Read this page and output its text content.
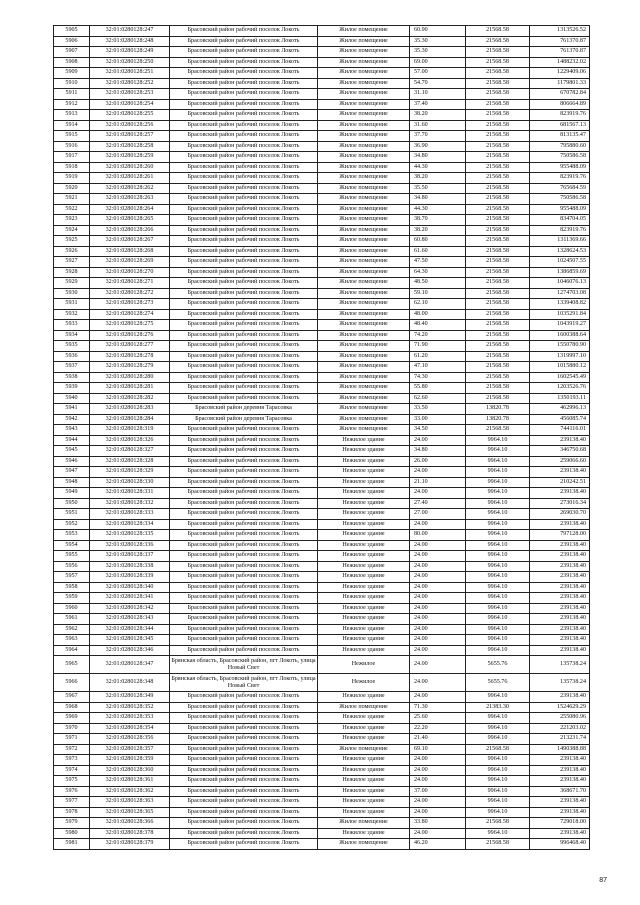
5905	32:01:0280128:247	Брасовский район рабочий поселок Локоть	Жилое помещение	60.90	21568.58	1313526.52
5906	32:01:0280128:248	Брасовский район рабочий поселок Локоть	Жилое помещение	35.30	21568.58	761370.87
5907	32:01:0280128:249	Брасовский район рабочий поселок Локоть	Жилое помещение	35.30	21568.58	761370.87
5908	32:01:0280128:250	Брасовский район рабочий поселок Локоть	Жилое помещение	69.00	21568.58	1488232.02
5909	32:01:0280128:251	Брасовский район рабочий поселок Локоть	Жилое помещение	57.00	21568.58	1229409.06
5910	32:01:0280128:252	Брасовский район рабочий поселок Локоть	Жилое помещение	54.70	21568.58	1179801.33
5911	32:01:0280128:253	Брасовский район рабочий поселок Локоть	Жилое помещение	31.10	21568.58	670782.84
5912	32:01:0280128:254	Брасовский район рабочий поселок Локоть	Жилое помещение	37.40	21568.58	806664.89
5913	32:01:0280128:255	Брасовский район рабочий поселок Локоть	Жилое помещение	38.20	21568.58	823919.76
5914	32:01:0280128:256	Брасовский район рабочий поселок Локоть	Жилое помещение	31.60	21568.58	681567.13
5915	32:01:0280128:257	Брасовский район рабочий поселок Локоть	Жилое помещение	37.70	21568.58	813135.47
5916	32:01:0280128:258	Брасовский район рабочий поселок Локоть	Жилое помещение	36.90	21568.58	795880.60
5917	32:01:0280128:259	Брасовский район рабочий поселок Локоть	Жилое помещение	34.80	21568.58	750586.58
5918	32:01:0280128:260	Брасовский район рабочий поселок Локоть	Жилое помещение	44.30	21568.58	955488.09
5919	32:01:0280128:261	Брасовский район рабочий поселок Локоть	Жилое помещение	38.20	21568.58	823919.76
5920	32:01:0280128:262	Брасовский район рабочий поселок Локоть	Жилое помещение	35.50	21568.58	765684.59
5921	32:01:0280128:263	Брасовский район рабочий поселок Локоть	Жилое помещение	34.80	21568.58	750586.58
5922	32:01:0280128:264	Брасовский район рабочий поселок Локоть	Жилое помещение	44.30	21568.58	955488.09
5923	32:01:0280128:265	Брасовский район рабочий поселок Локоть	Жилое помещение	38.70	21568.58	834704.05
5924	32:01:0280128:266	Брасовский район рабочий поселок Локоть	Жилое помещение	38.20	21568.58	823919.76
5925	32:01:0280128:267	Брасовский район рабочий поселок Локоть	Жилое помещение	60.80	21568.58	1311369.66
5926	32:01:0280128:268	Брасовский район рабочий поселок Локоть	Жилое помещение	61.60	21568.58	1328624.53
5927	32:01:0280128:269	Брасовский район рабочий поселок Локоть	Жилое помещение	47.50	21568.58	1024507.55
5928	32:01:0280128:270	Брасовский район рабочий поселок Локоть	Жилое помещение	64.30	21568.58	1386859.69
5929	32:01:0280128:271	Брасовский район рабочий поселок Локоть	Жилое помещение	48.50	21568.58	1046076.13
5930	32:01:0280128:272	Брасовский район рабочий поселок Локоть	Жилое помещение	59.10	21568.58	1274703.08
5931	32:01:0280128:273	Брасовский район рабочий поселок Локоть	Жилое помещение	62.10	21568.58	1339408.82
5932	32:01:0280128:274	Брасовский район рабочий поселок Локоть	Жилое помещение	48.00	21568.58	1035291.84
5933	32:01:0280128:275	Брасовский район рабочий поселок Локоть	Жилое помещение	48.40	21568.58	1043919.27
5934	32:01:0280128:276	Брасовский район рабочий поселок Локоть	Жилое помещение	74.20	21568.58	1600388.64
5935	32:01:0280128:277	Брасовский район рабочий поселок Локоть	Жилое помещение	71.90	21568.58	1550780.90
5936	32:01:0280128:278	Брасовский район рабочий поселок Локоть	Жилое помещение	61.20	21568.58	1319997.10
5937	32:01:0280128:279	Брасовский район рабочий поселок Локоть	Жилое помещение	47.10	21568.58	1015880.12
5938	32:01:0280128:280	Брасовский район рабочий поселок Локоть	Жилое помещение	74.30	21568.58	1602545.49
5939	32:01:0280128:281	Брасовский район рабочий поселок Локоть	Жилое помещение	55.80	21568.58	1203526.76
5940	32:01:0280128:282	Брасовский район рабочий поселок Локоть	Жилое помещение	62.60	21568.58	1350193.11
5941	32:01:0280128:283	Брасовский район деревня Тарасовка	Жилое помещение	33.50	13820.78	462996.13
5942	32:01:0280128:284	Брасовский район деревня Тарасовка	Жилое помещение	33.00	13820.78	456085.74
5943	32:01:0280128:319	Брасовский район рабочий поселок Локоть	Жилое помещение	34.50	21568.58	744116.01
5944	32:01:0280128:326	Брасовский район рабочий поселок Локоть	Нежилое здание	24.00	9964.10	239138.40
5945	32:01:0280128:327	Брасовский район рабочий поселок Локоть	Нежилое здание	34.80	9964.10	346750.68
5946	32:01:0280128:328	Брасовский район рабочий поселок Локоть	Нежилое здание	26.00	9964.10	259066.60
5947	32:01:0280128:329	Брасовский район рабочий поселок Локоть	Нежилое здание	24.00	9964.10	239138.40
5948	32:01:0280128:330	Брасовский район рабочий поселок Локоть	Нежилое здание	21.10	9964.10	210242.51
5949	32:01:0280128:331	Брасовский район рабочий поселок Локоть	Нежилое здание	24.00	9964.10	239138.40
5950	32:01:0280128:332	Брасовский район рабочий поселок Локоть	Нежилое здание	27.40	9964.10	273016.34
5951	32:01:0280128:333	Брасовский район рабочий поселок Локоть	Нежилое здание	27.00	9964.10	269030.70
5952	32:01:0280128:334	Брасовский район рабочий поселок Локоть	Нежилое здание	24.00	9964.10	239138.40
5953	32:01:0280128:335	Брасовский район рабочий поселок Локоть	Нежилое здание	80.00	9964.10	797128.00
5954	32:01:0280128:336	Брасовский район рабочий поселок Локоть	Нежилое здание	24.00	9964.10	239138.40
5955	32:01:0280128:337	Брасовский район рабочий поселок Локоть	Нежилое здание	24.00	9964.10	239138.40
5956	32:01:0280128:338	Брасовский район рабочий поселок Локоть	Нежилое здание	24.00	9964.10	239138.40
5957	32:01:0280128:339	Брасовский район рабочий поселок Локоть	Нежилое здание	24.00	9964.10	239138.40
5958	32:01:0280128:340	Брасовский район рабочий поселок Локоть	Нежилое здание	24.00	9964.10	239138.40
5959	32:01:0280128:341	Брасовский район рабочий поселок Локоть	Нежилое здание	24.00	9964.10	239138.40
5960	32:01:0280128:342	Брасовский район рабочий поселок Локоть	Нежилое здание	24.00	9964.10	239138.40
5961	32:01:0280128:343	Брасовский район рабочий поселок Локоть	Нежилое здание	24.00	9964.10	239138.40
5962	32:01:0280128:344	Брасовский район рабочий поселок Локоть	Нежилое здание	24.00	9964.10	239138.40
5963	32:01:0280128:345	Брасовский район рабочий поселок Локоть	Нежилое здание	24.00	9964.10	239138.40
5964	32:01:0280128:346	Брасовский район рабочий поселок Локоть	Нежилое здание	24.00	9964.10	239138.40
5965	32:01:0280128:347	Брянская область, Брасовский район, пгт Локоть, улица Новый Свет	Нежилое	24.00	5655.76	135738.24
5966	32:01:0280128:348	Брянская область, Брасовский район, пгт Локоть, улица Новый Свет	Нежилое	24.00	5655.76	135738.24
5967	32:01:0280128:349	Брасовский район рабочий поселок Локоть	Нежилое здание	24.00	9964.10	239138.40
5968	32:01:0280128:352	Брасовский район рабочий поселок Локоть	Жилое помещение	71.30	21383.30	1524629.29
5969	32:01:0280128:353	Брасовский район рабочий поселок Локоть	Нежилое здание	25.60	9964.10	255080.96
5970	32:01:0280128:354	Брасовский район рабочий поселок Локоть	Нежилое здание	22.20	9964.10	221203.02
5971	32:01:0280128:356	Брасовский район рабочий поселок Локоть	Нежилое здание	21.40	9964.10	213231.74
5972	32:01:0280128:357	Брасовский район рабочий поселок Локоть	Жилое помещение	69.10	21568.58	1490388.88
5973	32:01:0280128:359	Брасовский район рабочий поселок Локоть	Нежилое здание	24.00	9964.10	239138.40
5974	32:01:0280128:360	Брасовский район рабочий поселок Локоть	Нежилое здание	24.00	9964.10	239138.40
5975	32:01:0280128:361	Брасовский район рабочий поселок Локоть	Нежилое здание	24.00	9964.10	239138.40
5976	32:01:0280128:362	Брасовский район рабочий поселок Локоть	Нежилое здание	37.00	9964.10	368671.70
5977	32:01:0280128:363	Брасовский район рабочий поселок Локоть	Нежилое здание	24.00	9964.10	239138.40
5978	32:01:0280128:365	Брасовский район рабочий поселок Локоть	Нежилое здание	24.00	9964.10	239138.40
5979	32:01:0280128:366	Брасовский район рабочий поселок Локоть	Жилое помещение	33.80	21568.58	729018.00
5980	32:01:0280128:378	Брасовский район рабочий поселок Локоть	Нежилое здание	24.00	9964.10	239138.40
5981	32:01:0280128:379	Брасовский район рабочий поселок Локоть	Жилое помещение	46.20	21568.58	996468.40
87
